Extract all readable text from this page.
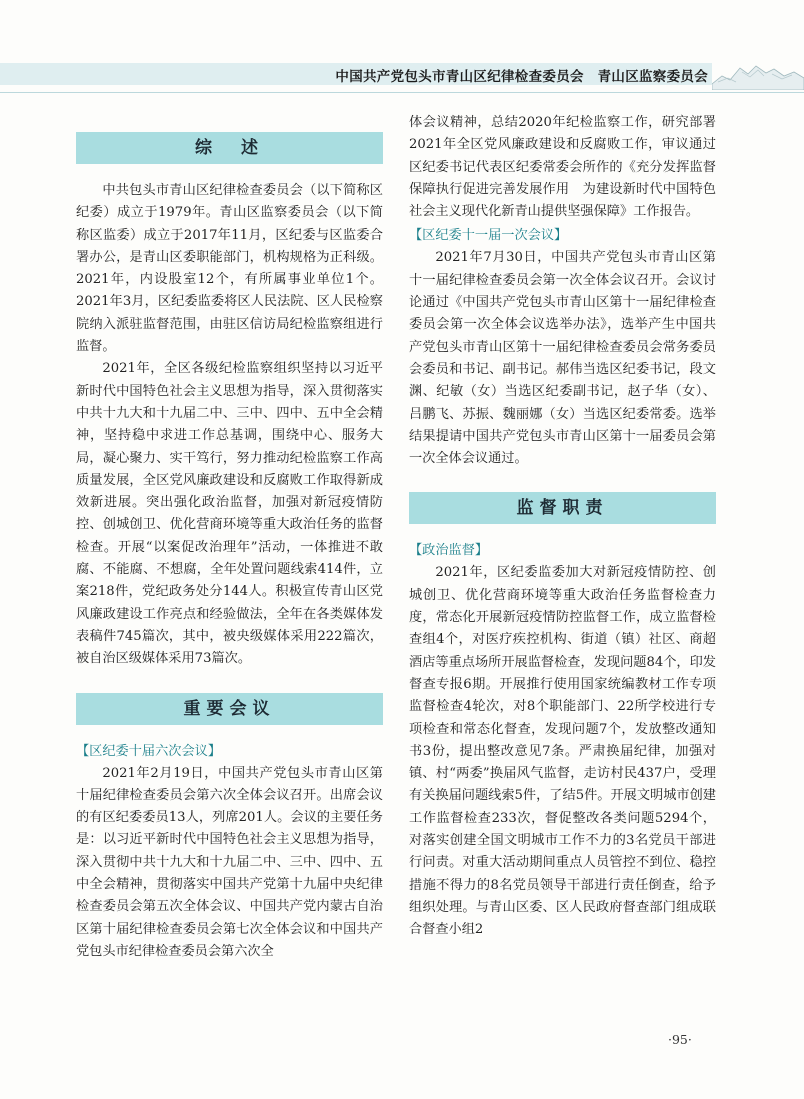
中国共产党包头市青山区纪律检查委员会　青山区监察委员会
综　述

中共包头市青山区纪律检查委员会（以下简称区纪委）成立于1979年。青山区监察委员会（以下简称区监委）成立于2017年11月，区纪委与区监委合署办公，是青山区委职能部门，机构规格为正科级。2021年，内设股室12个，有所属事业单位1个。2021年3月，区纪委监委将区人民法院、区人民检察院纳入派驻监督范围，由驻区信访局纪检监察组进行监督。

2021年，全区各级纪检监察组织坚持以习近平新时代中国特色社会主义思想为指导，深入贯彻落实中共十九大和十九届二中、三中、四中、五中全会精神，坚持稳中求进工作总基调，围绕中心、服务大局，凝心聚力、实干笃行，努力推动纪检监察工作高质量发展，全区党风廉政建设和反腐败工作取得新成效新进展。突出强化政治监督，加强对新冠疫情防控、创城创卫、优化营商环境等重大政治任务的监督检查。开展“以案促改治理年”活动，一体推进不敢腐、不能腐、不想腐，全年处置问题线索414件，立案218件，党纪政务处分144人。积极宣传青山区党风廉政建设工作亮点和经验做法，全年在各类媒体发表稿件745篇次，其中，被央级媒体采用222篇次，被自治区级媒体采用73篇次。

重要会议
【区纪委十届六次会议】

2021年2月19日，中国共产党包头市青山区第十届纪律检查委员会第六次全体会议召开。出席会议的有区纪委委员13人，列席201人。会议的主要任务是：以习近平新时代中国特色社会主义思想为指导，深入贯彻中共十九大和十九届二中、三中、四中、五中全会精神，贯彻落实中国共产党第十九届中央纪律检查委员会第五次全体会议、中国共产党内蒙古自治区第十届纪律检查委员会第七次全体会议和中国共产党包头市纪律检查委员会第六次全

体会议精神，总结2020年纪检监察工作，研究部署2021年全区党风廉政建设和反腐败工作，审议通过区纪委书记代表区纪委常委会所作的《充分发挥监督保障执行促进完善发展作用　为建设新时代中国特色社会主义现代化新青山提供坚强保障》工作报告。

【区纪委十一届一次会议】

2021年7月30日，中国共产党包头市青山区第十一届纪律检查委员会第一次全体会议召开。会议讨论通过《中国共产党包头市青山区第十一届纪律检查委员会第一次全体会议选举办法》，选举产生中国共产党包头市青山区第十一届纪律检查委员会常务委员会委员和书记、副书记。郝伟当选区纪委书记，段文渊、纪敏（女）当选区纪委副书记，赵子华（女）、吕鹏飞、苏振、魏丽娜（女）当选区纪委常委。选举结果提请中国共产党包头市青山区第十一届委员会第一次全体会议通过。

监督职责
【政治监督】

2021年，区纪委监委加大对新冠疫情防控、创城创卫、优化营商环境等重大政治任务监督检查力度，常态化开展新冠疫情防控监督工作，成立监督检查组4个，对医疗疾控机构、街道（镇）社区、商超酒店等重点场所开展监督检查，发现问题84个，印发督查专报6期。开展推行使用国家统编教材工作专项监督检查4轮次，对8个职能部门、22所学校进行专项检查和常态化督查，发现问题7个，发放整改通知书3份，提出整改意见7条。严肃换届纪律，加强对镇、村“两委”换届风气监督，走访村民437户，受理有关换届问题线索5件，了结5件。开展文明城市创建工作监督检查233次，督促整改各类问题5294个，对落实创建全国文明城市工作不力的3名党员干部进行问责。对重大活动期间重点人员管控不到位、稳控措施不得力的8名党员领导干部进行责任倒查，给予组织处理。与青山区委、区人民政府督查部门组成联合督查小组2

·95·
